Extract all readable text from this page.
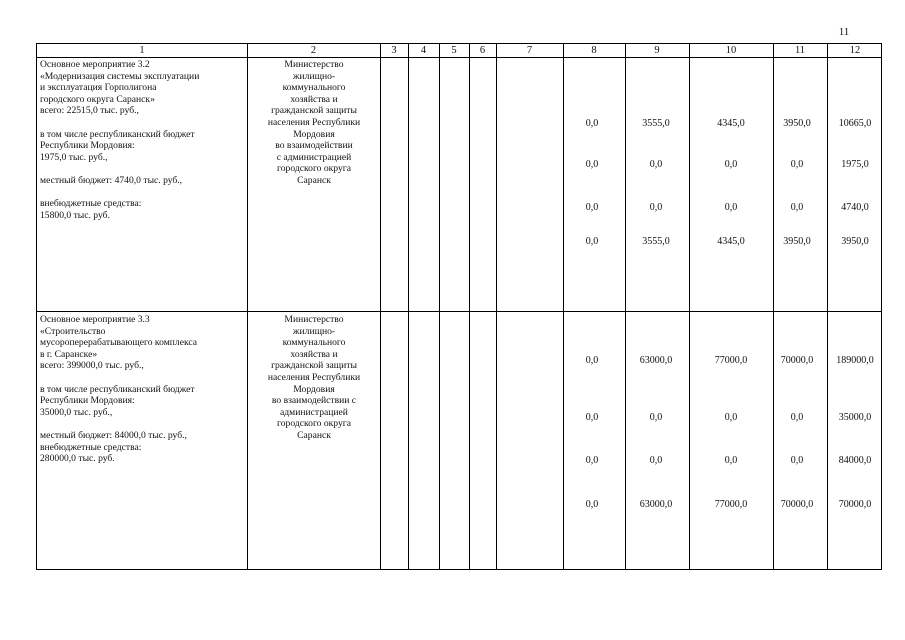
11
1	2	3	4	5	6	7	8	9	10	11	12
Основное мероприятие 3.2
«Модернизация системы эксплуатации
и эксплуатация Горполигона
городского округа Саранск»
всего: 22515,0 тыс. руб.,

в том числе республиканский бюджет
Республики Мордовия:
1975,0 тыс. руб.,

местный бюджет: 4740,0 тыс. руб.,

внебюджетные средства:
15800,0 тыс. руб.
Министерство
жилищно-
коммунального
хозяйства и
гражданской защиты
населения Республики
Мордовия
во взаимодействии
с администрацией
городского округа
Саранск
0,0	3555,0	4345,0	3950,0	10665,0
0,0	0,0	0,0	0,0	1975,0
0,0	0,0	0,0	0,0	4740,0
0,0	3555,0	4345,0	3950,0	3950,0
Основное мероприятие 3.3
«Строительство
мусороперерабатывающего комплекса
в г. Саранске»
всего: 399000,0 тыс. руб.,

в том числе республиканский бюджет
Республики Мордовия:
35000,0 тыс. руб.,

местный бюджет: 84000,0 тыс. руб.,
внебюджетные средства:
280000,0 тыс. руб.
Министерство
жилищно-
коммунального
хозяйства и
гражданской защиты
населения Республики
Мордовия
во взаимодействии с
администрацией
городского округа
Саранск
0,0	63000,0	77000,0	70000,0	189000,0
0,0	0,0	0,0	0,0	35000,0
0,0	0,0	0,0	0,0	84000,0
0,0	63000,0	77000,0	70000,0	70000,0
